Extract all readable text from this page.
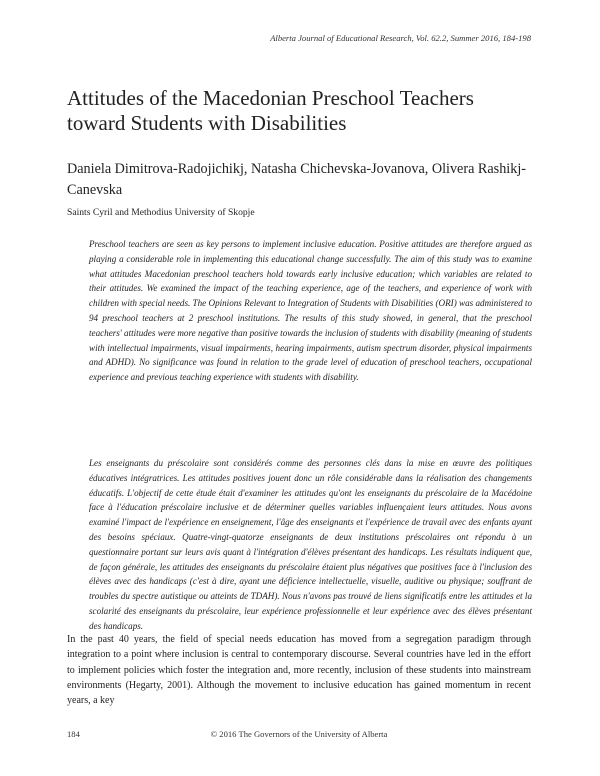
Alberta Journal of Educational Research, Vol. 62.2, Summer 2016, 184-198
Attitudes of the Macedonian Preschool Teachers toward Students with Disabilities

Daniela Dimitrova-Radojichikj, Natasha Chichevska-Jovanova, Olivera Rashikj-Canevska

Saints Cyril and Methodius University of Skopje

Preschool teachers are seen as key persons to implement inclusive education. Positive attitudes are therefore argued as playing a considerable role in implementing this educational change successfully. The aim of this study was to examine what attitudes Macedonian preschool teachers hold towards early inclusive education; which variables are related to their attitudes. We examined the impact of the teaching experience, age of the teachers, and experience of work with children with special needs. The Opinions Relevant to Integration of Students with Disabilities (ORI) was administered to 94 preschool teachers at 2 preschool institutions. The results of this study showed, in general, that the preschool teachers' attitudes were more negative than positive towards the inclusion of students with disability (meaning of students with intellectual impairments, visual impairments, hearing impairments, autism spectrum disorder, physical impairments and ADHD). No significance was found in relation to the grade level of education of preschool teachers, occupational experience and previous teaching experience with students with disability.

Les enseignants du préscolaire sont considérés comme des personnes clés dans la mise en œuvre des politiques éducatives intégratrices. Les attitudes positives jouent donc un rôle considérable dans la réalisation des changements éducatifs. L'objectif de cette étude était d'examiner les attitudes qu'ont les enseignants du préscolaire de la Macédoine face à l'éducation préscolaire inclusive et de déterminer quelles variables influençaient leurs attitudes. Nous avons examiné l'impact de l'expérience en enseignement, l'âge des enseignants et l'expérience de travail avec des enfants ayant des besoins spéciaux. Quatre-vingt-quatorze enseignants de deux institutions préscolaires ont répondu à un questionnaire portant sur leurs avis quant à l'intégration d'élèves présentant des handicaps. Les résultats indiquent que, de façon générale, les attitudes des enseignants du préscolaire étaient plus négatives que positives face à l'inclusion des élèves avec des handicaps (c'est à dire, ayant une déficience intellectuelle, visuelle, auditive ou physique; souffrant de troubles du spectre autistique ou atteints de TDAH). Nous n'avons pas trouvé de liens significatifs entre les attitudes et la scolarité des enseignants du préscolaire, leur expérience professionnelle et leur expérience avec des élèves présentant des handicaps.

In the past 40 years, the field of special needs education has moved from a segregation paradigm through integration to a point where inclusion is central to contemporary discourse. Several countries have led in the effort to implement policies which foster the integration and, more recently, inclusion of these students into mainstream environments (Hegarty, 2001). Although the movement to inclusive education has gained momentum in recent years, a key

184	© 2016 The Governors of the University of Alberta
